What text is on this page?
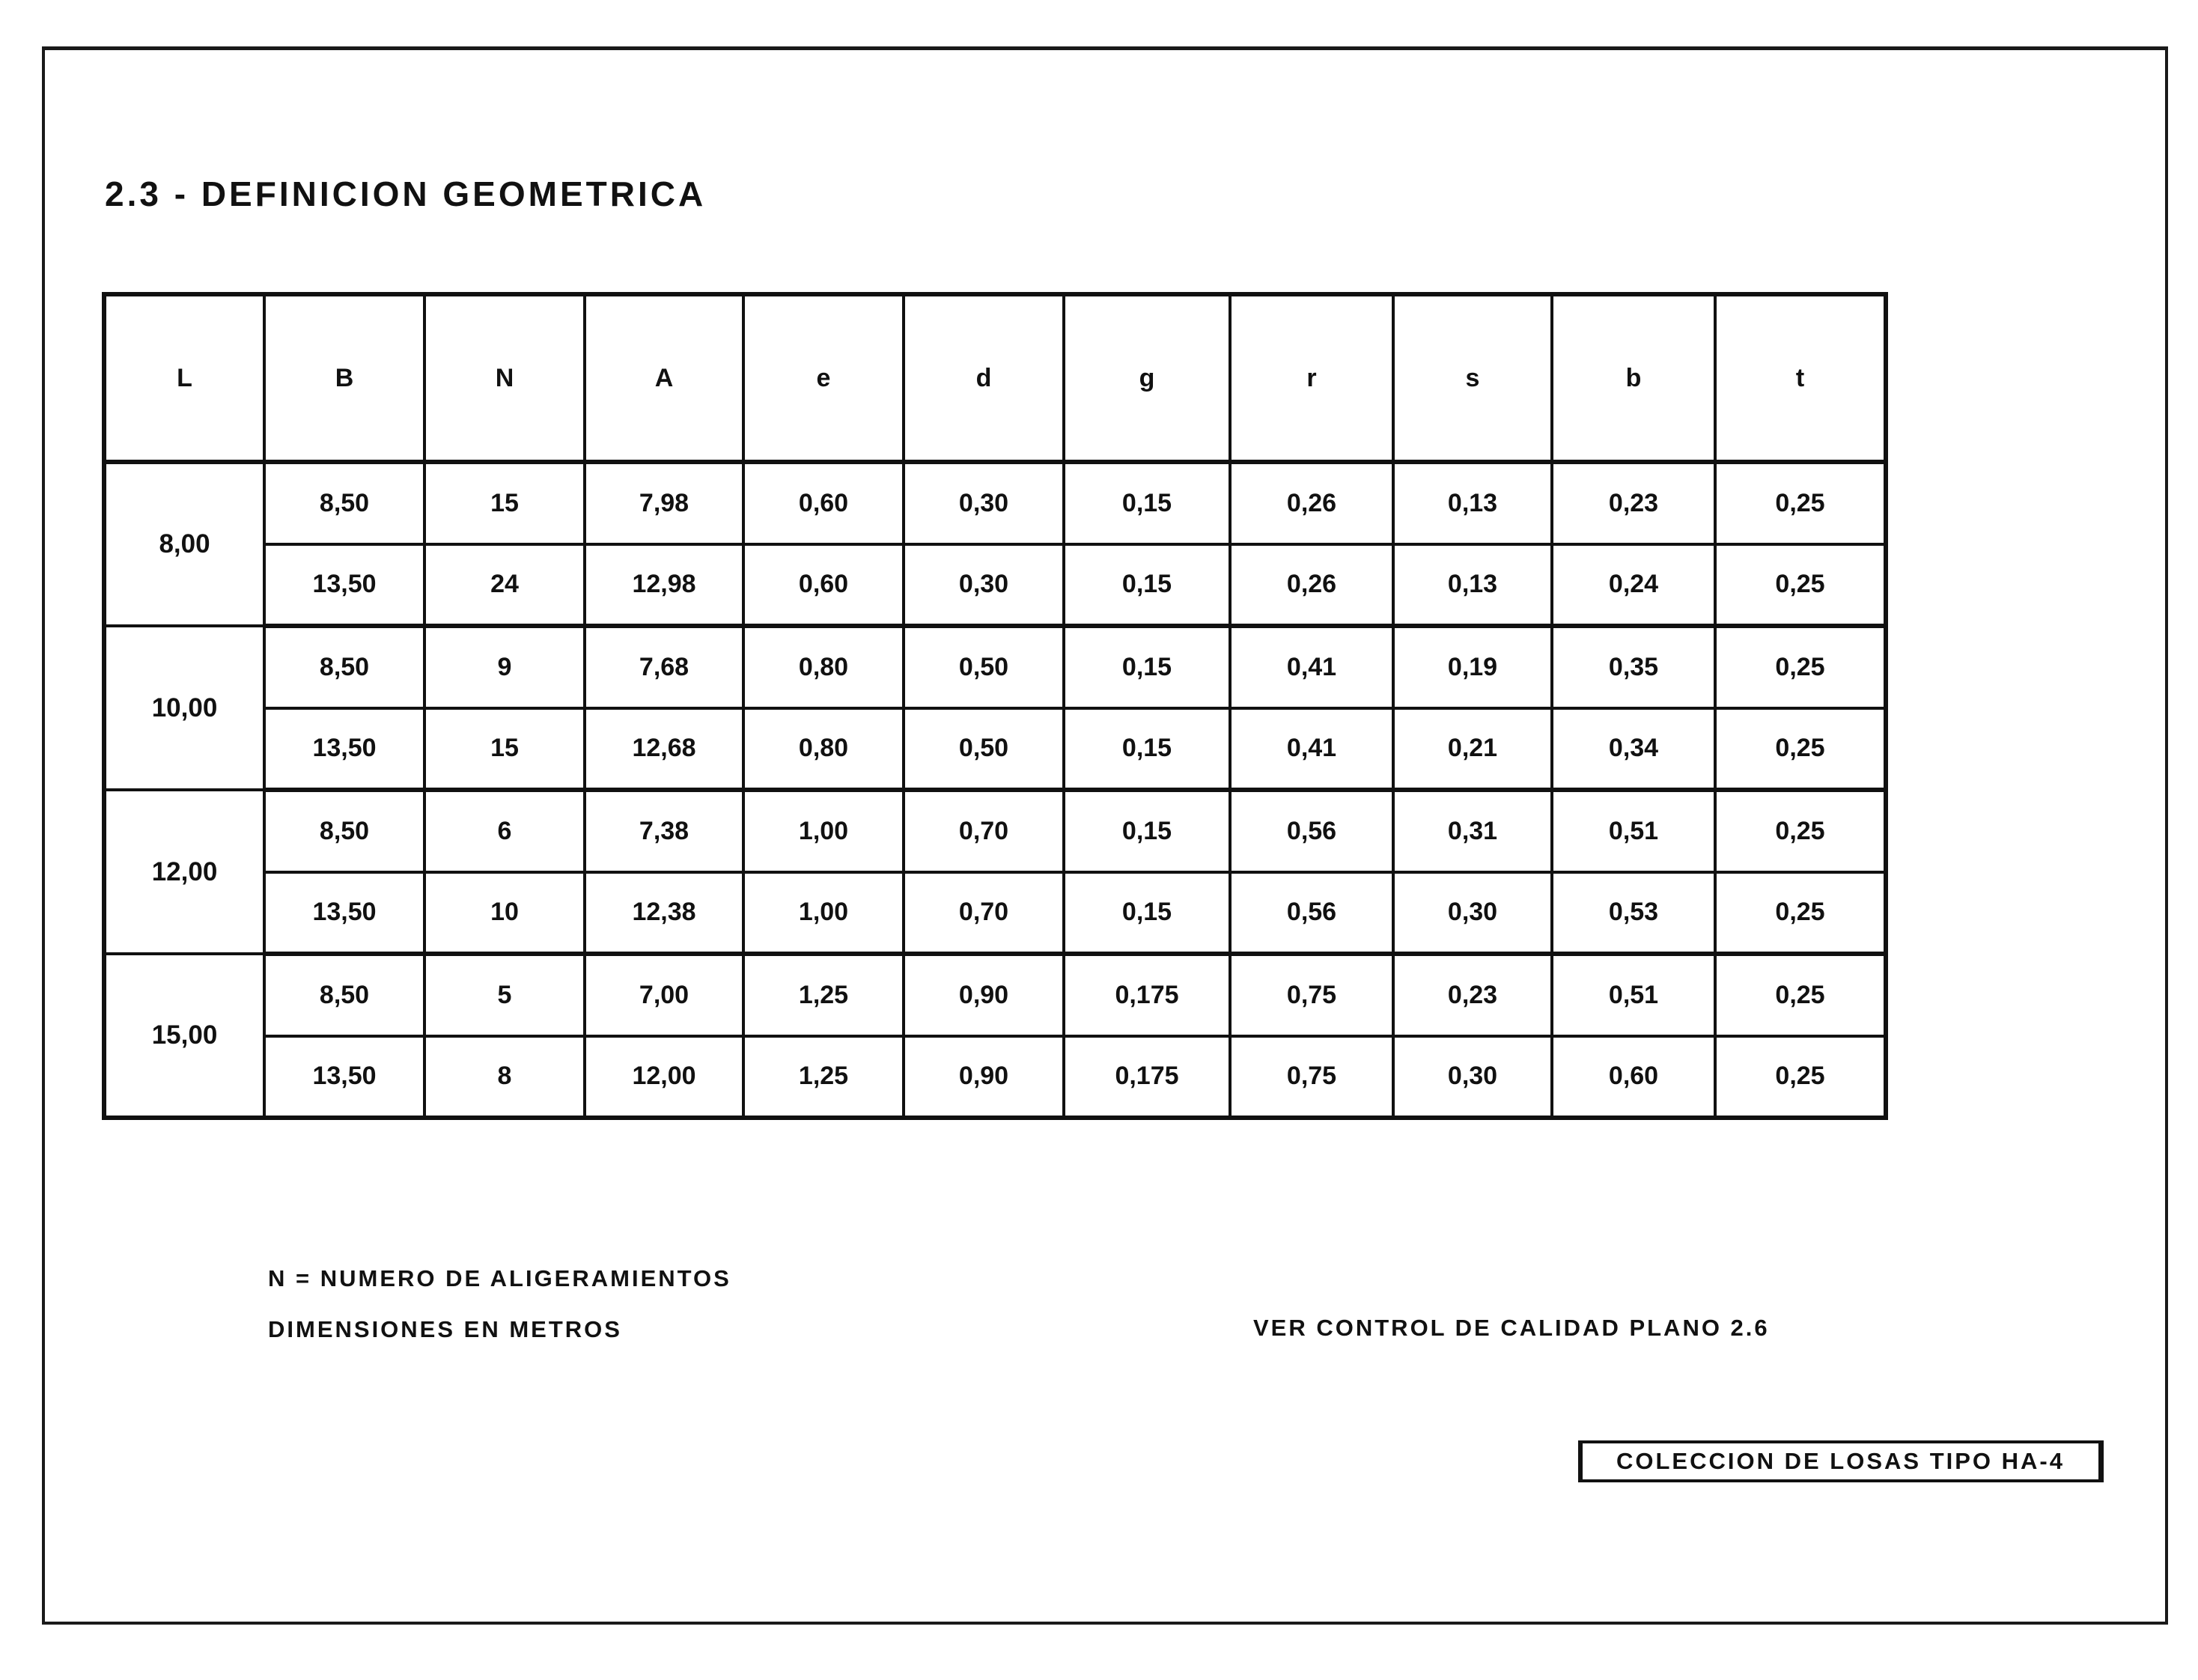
2.3 - DEFINICION GEOMETRICA
L	B	N	A	e	d	g	r	s	b	t
8,00	8,50	15	7,98	0,60	0,30	0,15	0,26	0,13	0,23	0,25
	13,50	24	12,98	0,60	0,30	0,15	0,26	0,13	0,24	0,25
10,00	8,50	9	7,68	0,80	0,50	0,15	0,41	0,19	0,35	0,25
	13,50	15	12,68	0,80	0,50	0,15	0,41	0,21	0,34	0,25
12,00	8,50	6	7,38	1,00	0,70	0,15	0,56	0,31	0,51	0,25
	13,50	10	12,38	1,00	0,70	0,15	0,56	0,30	0,53	0,25
15,00	8,50	5	7,00	1,25	0,90	0,175	0,75	0,23	0,51	0,25
	13,50	8	12,00	1,25	0,90	0,175	0,75	0,30	0,60	0,25
N = NUMERO DE ALIGERAMIENTOS
DIMENSIONES EN METROS	VER CONTROL DE CALIDAD PLANO 2.6
COLECCION DE LOSAS TIPO HA-4
